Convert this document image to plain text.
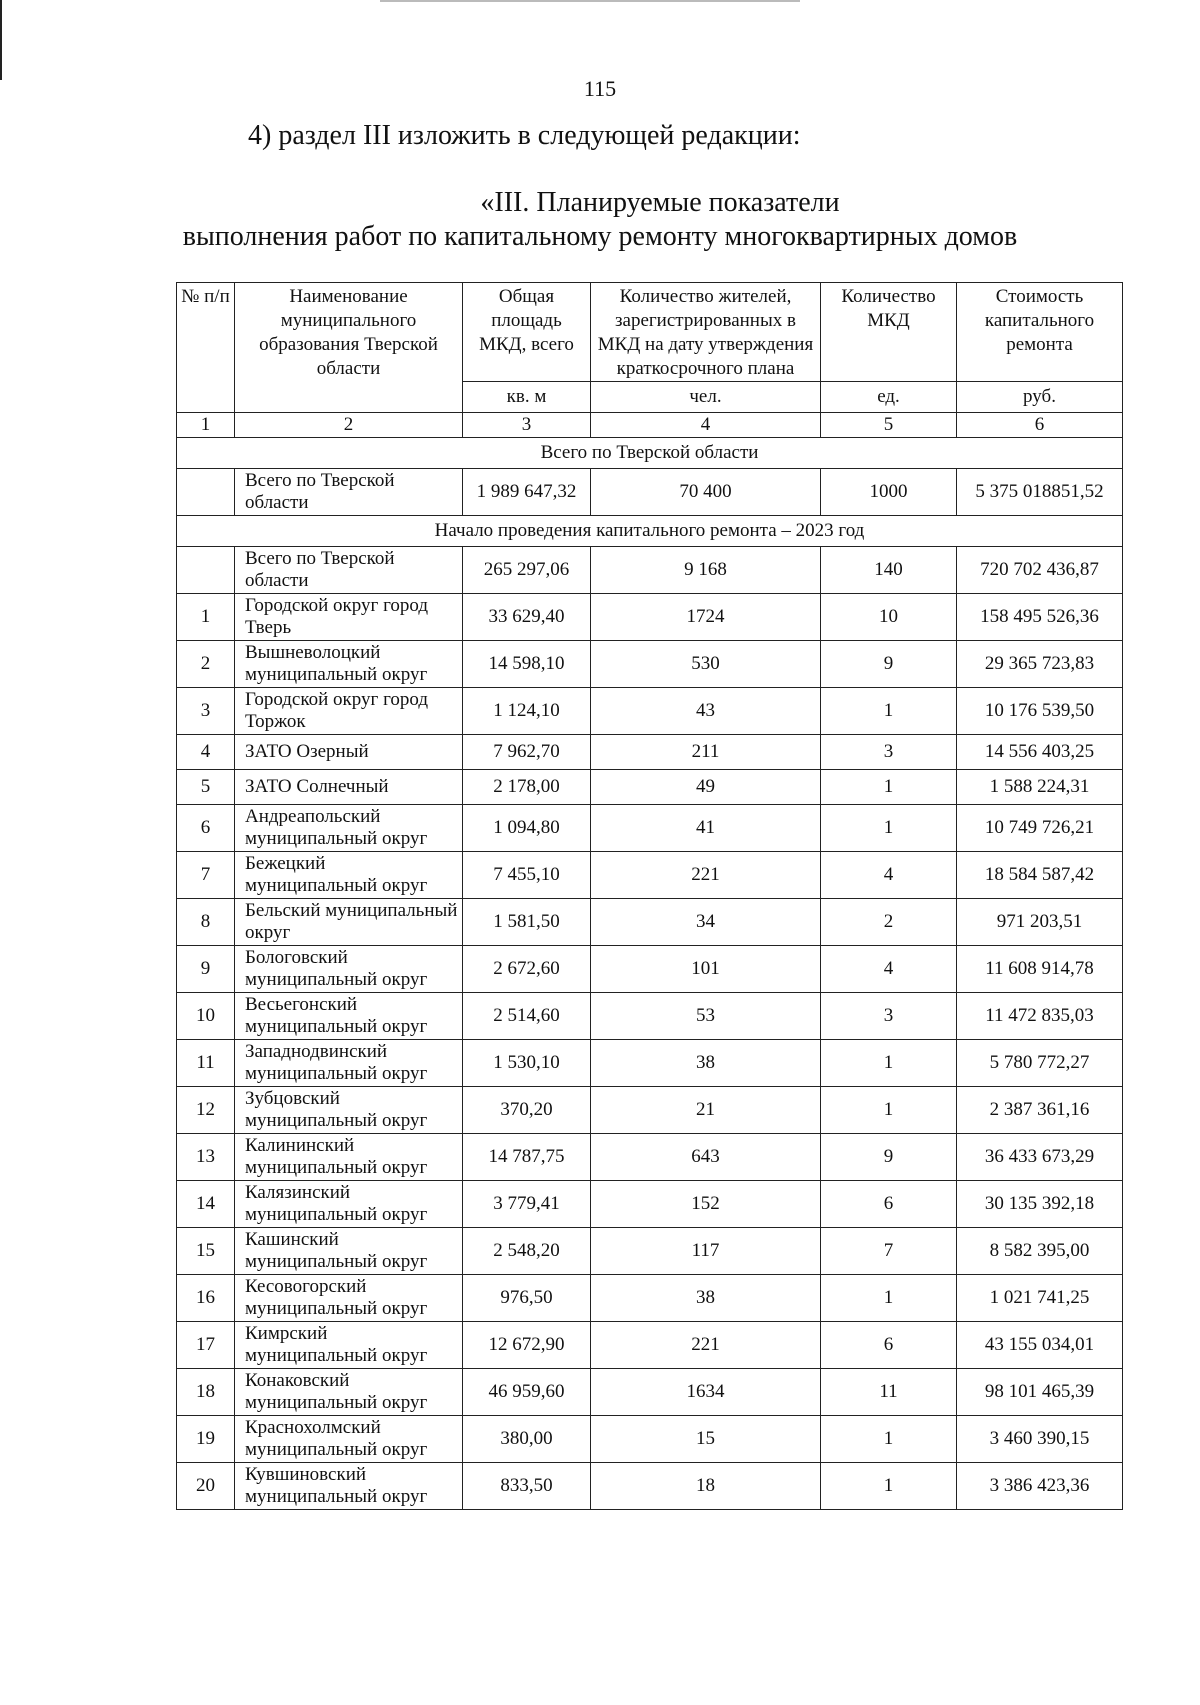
115
4) раздел III изложить в следующей редакции:
«III. Планируемые показатели
выполнения работ по капитальному ремонту многоквартирных домов
№ п/п	Наименование муниципального образования Тверской области	Общая площадь МКД, всего	Количество жителей, зарегистрированных в МКД на дату утверждения краткосрочного плана	Количество МКД	Стоимость капитального ремонта
		кв. м	чел.	ед.	руб.
1	2	3	4	5	6
Всего по Тверской области					
	Всего по Тверской области	1 989 647,32	70 400	1000	5 375 018851,52
Начало проведения капитального ремонта – 2023 год					
	Всего по Тверской области	265 297,06	9 168	140	720 702 436,87
1	Городской округ город Тверь	33 629,40	1724	10	158 495 526,36
2	Вышневолоцкий муниципальный округ	14 598,10	530	9	29 365 723,83
3	Городской округ город Торжок	1 124,10	43	1	10 176 539,50
4	ЗАТО Озерный	7 962,70	211	3	14 556 403,25
5	ЗАТО Солнечный	2 178,00	49	1	1 588 224,31
6	Андреапольский муниципальный округ	1 094,80	41	1	10 749 726,21
7	Бежецкий муниципальный округ	7 455,10	221	4	18 584 587,42
8	Бельский муниципальный округ	1 581,50	34	2	971 203,51
9	Бологовский муниципальный округ	2 672,60	101	4	11 608 914,78
10	Весьегонский муниципальный округ	2 514,60	53	3	11 472 835,03
11	Западнодвинский муниципальный округ	1 530,10	38	1	5 780 772,27
12	Зубцовский муниципальный округ	370,20	21	1	2 387 361,16
13	Калининский муниципальный округ	14 787,75	643	9	36 433 673,29
14	Калязинский муниципальный округ	3 779,41	152	6	30 135 392,18
15	Кашинский муниципальный округ	2 548,20	117	7	8 582 395,00
16	Кесовогорский муниципальный округ	976,50	38	1	1 021 741,25
17	Кимрский муниципальный округ	12 672,90	221	6	43 155 034,01
18	Конаковский муниципальный округ	46 959,60	1634	11	98 101 465,39
19	Краснохолмский муниципальный округ	380,00	15	1	3 460 390,15
20	Кувшиновский муниципальный округ	833,50	18	1	3 386 423,36
